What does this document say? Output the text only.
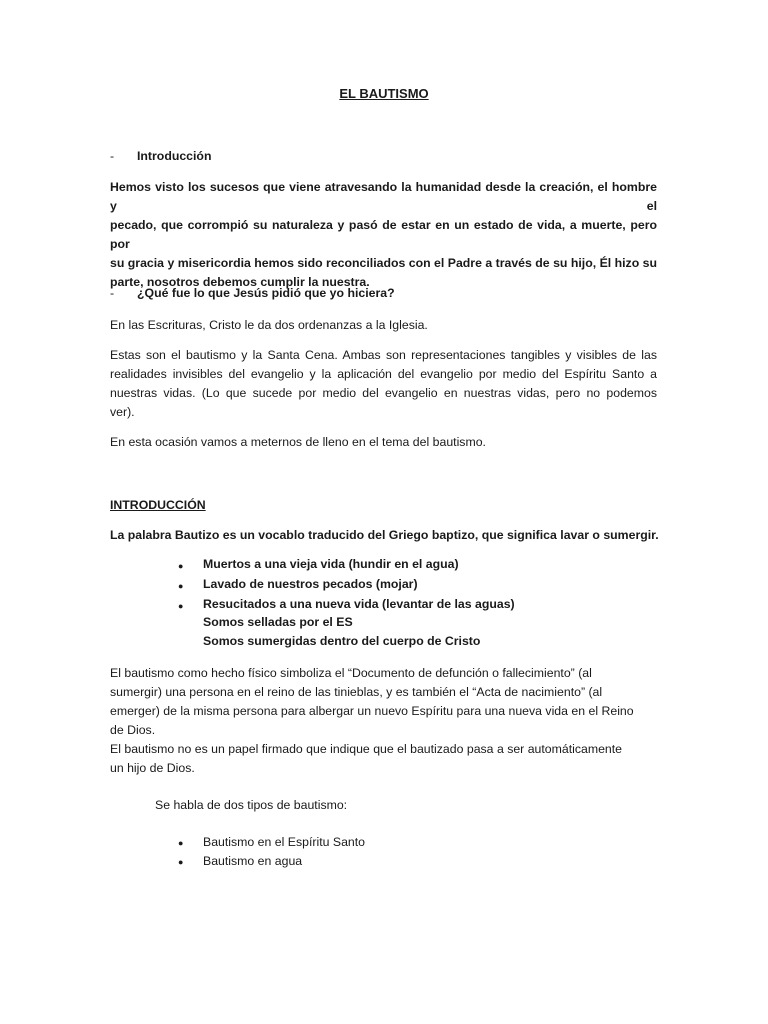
EL BAUTISMO

- Introducción
Hemos visto los sucesos que viene atravesando la humanidad desde la creación, el hombre y el
pecado, que corrompió su naturaleza y pasó de estar en un estado de vida, a muerte, pero por
su gracia y misericordia hemos sido reconciliados con el Padre a través de su hijo, Él hizo su
parte, nosotros debemos cumplir la nuestra.
- ¿Qué fue lo que Jesús pidió que yo hiciera?

En las Escrituras, Cristo le da dos ordenanzas a la Iglesia.

Estas son el bautismo y la Santa Cena. Ambas son representaciones tangibles y visibles de las
realidades invisibles del evangelio y la aplicación del evangelio por medio del Espíritu Santo a
nuestras vidas. (Lo que sucede por medio del evangelio en nuestras vidas, pero no podemos
ver).

En esta ocasión vamos a meternos de lleno en el tema del bautismo.

INTRODUCCIÓN

La palabra Bautizo es un vocablo traducido del Griego baptizo, que significa lavar o sumergir.

● Muertos a una vieja vida (hundir en el agua)
● Lavado de nuestros pecados (mojar)
● Resucitados a una nueva vida (levantar de las aguas)
Somos selladas por el ES
Somos sumergidas dentro del cuerpo de Cristo
El bautismo como hecho físico simboliza el “Documento de defunción o fallecimiento” (al
sumergir) una persona en el reino de las tinieblas, y es también el “Acta de nacimiento” (al
emerger) de la misma persona para albergar un nuevo Espíritu para una nueva vida en el Reino
de Dios.
El bautismo no es un papel firmado que indique que el bautizado pasa a ser automáticamente
un hijo de Dios.

Se habla de dos tipos de bautismo:

● Bautismo en el Espíritu Santo
● Bautismo en agua
